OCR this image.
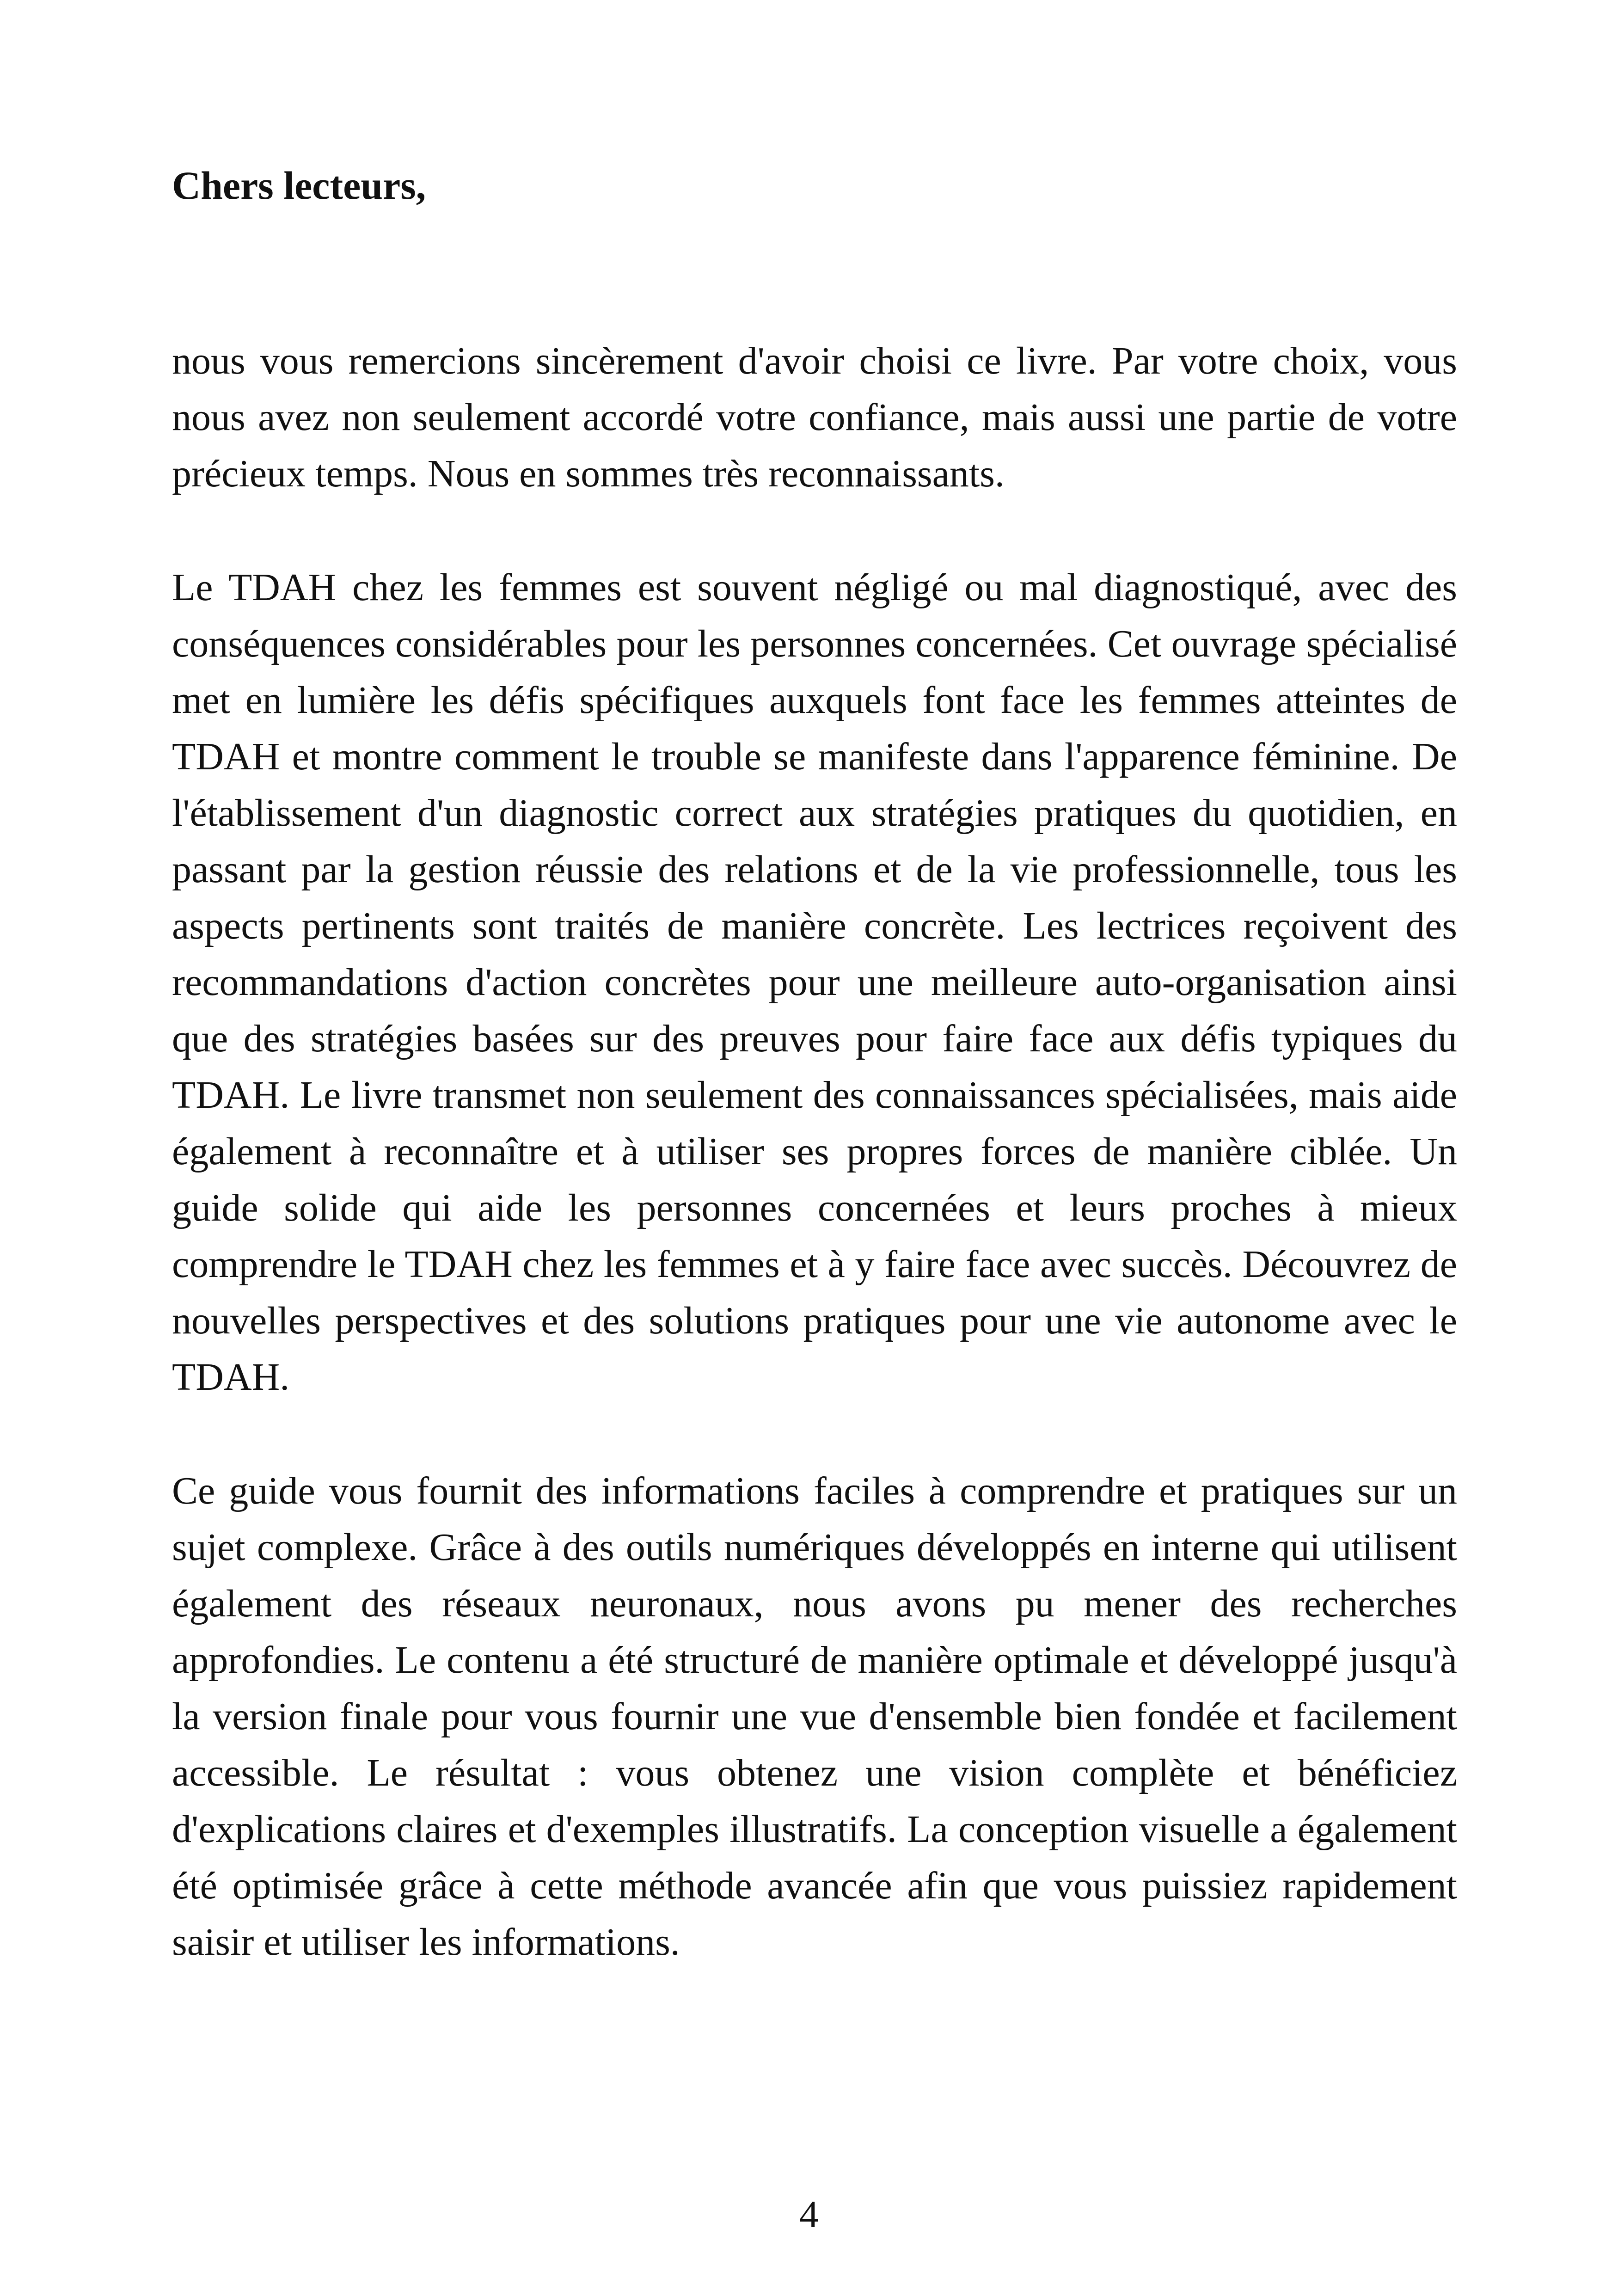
Chers lecteurs,

nous vous remercions sincèrement d'avoir choisi ce livre. Par votre choix, vous nous avez non seulement accordé votre confiance, mais aussi une partie de votre précieux temps. Nous en sommes très reconnaissants.

Le TDAH chez les femmes est souvent négligé ou mal diagnostiqué, avec des conséquences considérables pour les personnes concernées. Cet ouvrage spécialisé met en lumière les défis spécifiques auxquels font face les femmes atteintes de TDAH et montre comment le trouble se manifeste dans l'apparence féminine. De l'établissement d'un diagnostic correct aux stratégies pratiques du quotidien, en passant par la gestion réussie des relations et de la vie professionnelle, tous les aspects pertinents sont traités de manière concrète. Les lectrices reçoivent des recommandations d'action concrètes pour une meilleure auto-organisation ainsi que des stratégies basées sur des preuves pour faire face aux défis typiques du TDAH. Le livre transmet non seulement des connaissances spécialisées, mais aide également à reconnaître et à utiliser ses propres forces de manière ciblée. Un guide solide qui aide les personnes concernées et leurs proches à mieux comprendre le TDAH chez les femmes et à y faire face avec succès. Découvrez de nouvelles perspectives et des solutions pratiques pour une vie autonome avec le TDAH.

Ce guide vous fournit des informations faciles à comprendre et pratiques sur un sujet complexe. Grâce à des outils numériques développés en interne qui utilisent également des réseaux neuronaux, nous avons pu mener des recherches approfondies. Le contenu a été structuré de manière optimale et développé jusqu'à la version finale pour vous fournir une vue d'ensemble bien fondée et facilement accessible. Le résultat : vous obtenez une vision complète et bénéficiez d'explications claires et d'exemples illustratifs. La conception visuelle a également été optimisée grâce à cette méthode avancée afin que vous puissiez rapidement saisir et utiliser les informations.

4
